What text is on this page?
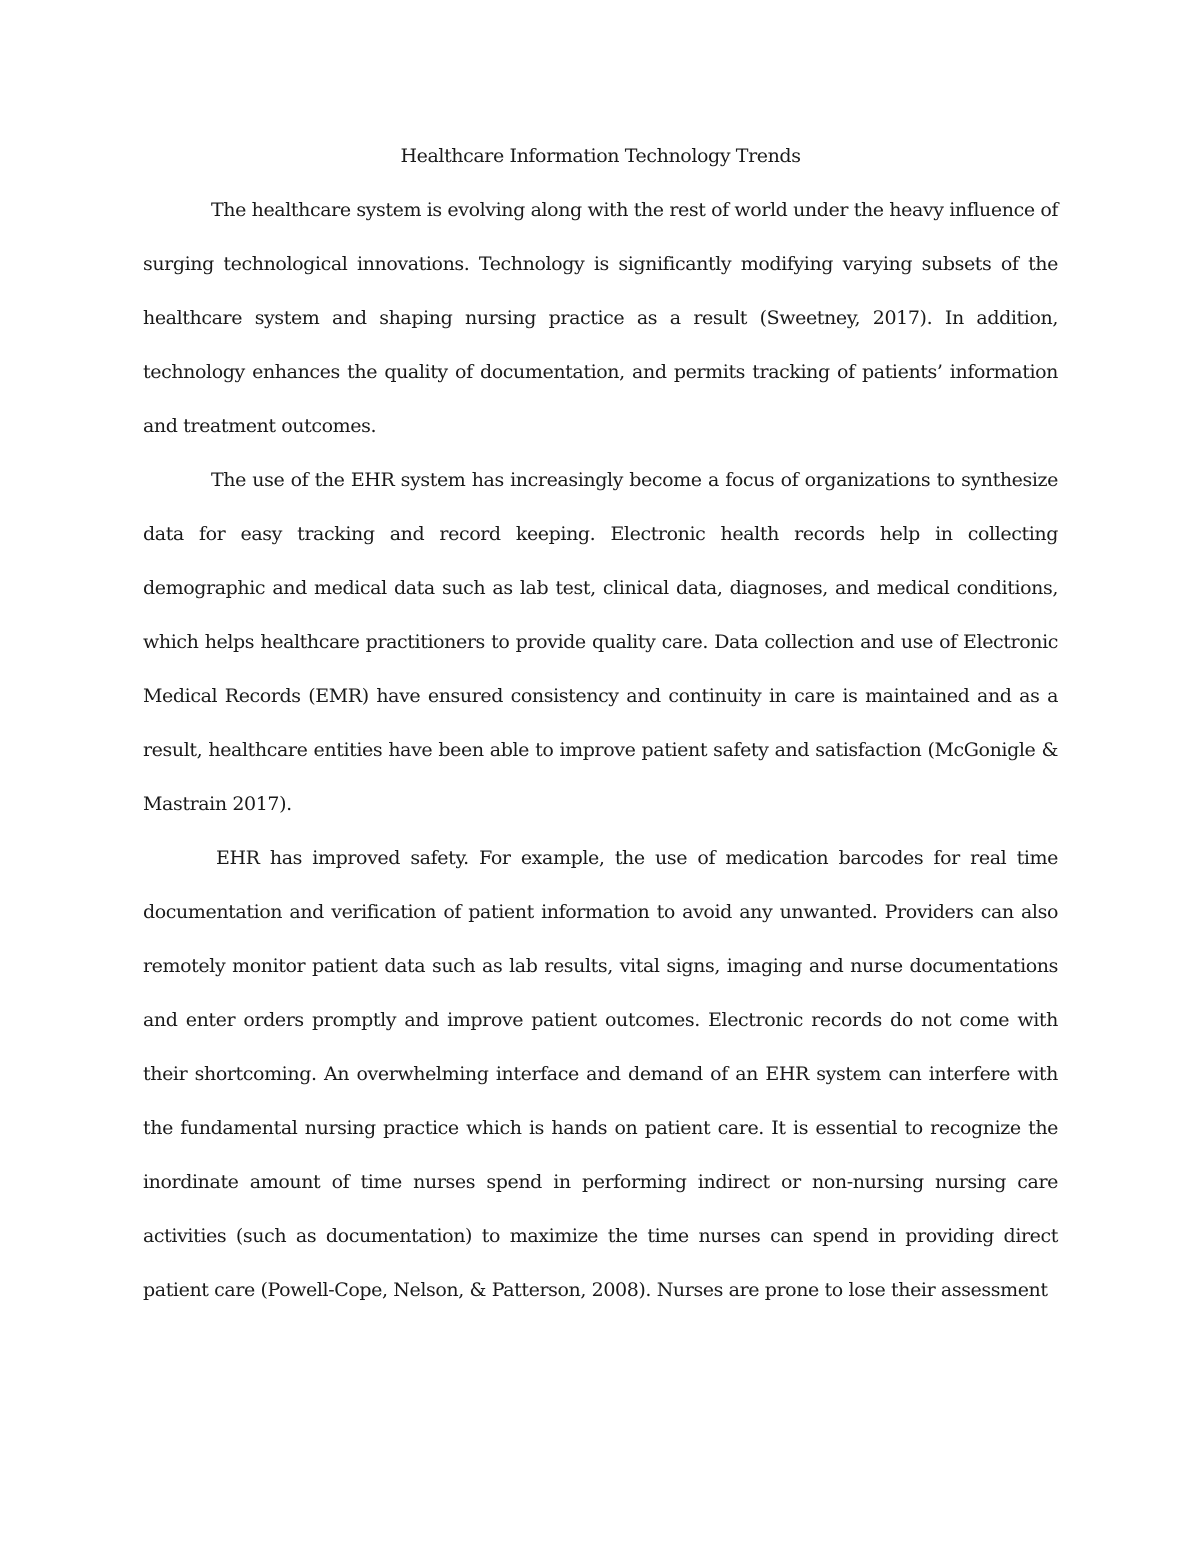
Healthcare Information Technology Trends

The healthcare system is evolving along with the rest of world under the heavy influence of surging technological innovations. Technology is significantly modifying varying subsets of the healthcare system and shaping nursing practice as a result (Sweetney, 2017). In addition, technology enhances the quality of documentation, and permits tracking of patients’ information and treatment outcomes.

The use of the EHR system has increasingly become a focus of organizations to synthesize data for easy tracking and record keeping. Electronic health records help in collecting demographic and medical data such as lab test, clinical data, diagnoses, and medical conditions, which helps healthcare practitioners to provide quality care. Data collection and use of Electronic Medical Records (EMR) have ensured consistency and continuity in care is maintained and as a result, healthcare entities have been able to improve patient safety and satisfaction (McGonigle & Mastrain 2017).

EHR has improved safety. For example, the use of medication barcodes for real time documentation and verification of patient information to avoid any unwanted. Providers can also remotely monitor patient data such as lab results, vital signs, imaging and nurse documentations and enter orders promptly and improve patient outcomes. Electronic records do not come with their shortcoming. An overwhelming interface and demand of an EHR system can interfere with the fundamental nursing practice which is hands on patient care. It is essential to recognize the inordinate amount of time nurses spend in performing indirect or non-nursing nursing care activities (such as documentation) to maximize the time nurses can spend in providing direct patient care (Powell-Cope, Nelson, & Patterson, 2008). Nurses are prone to lose their assessment
